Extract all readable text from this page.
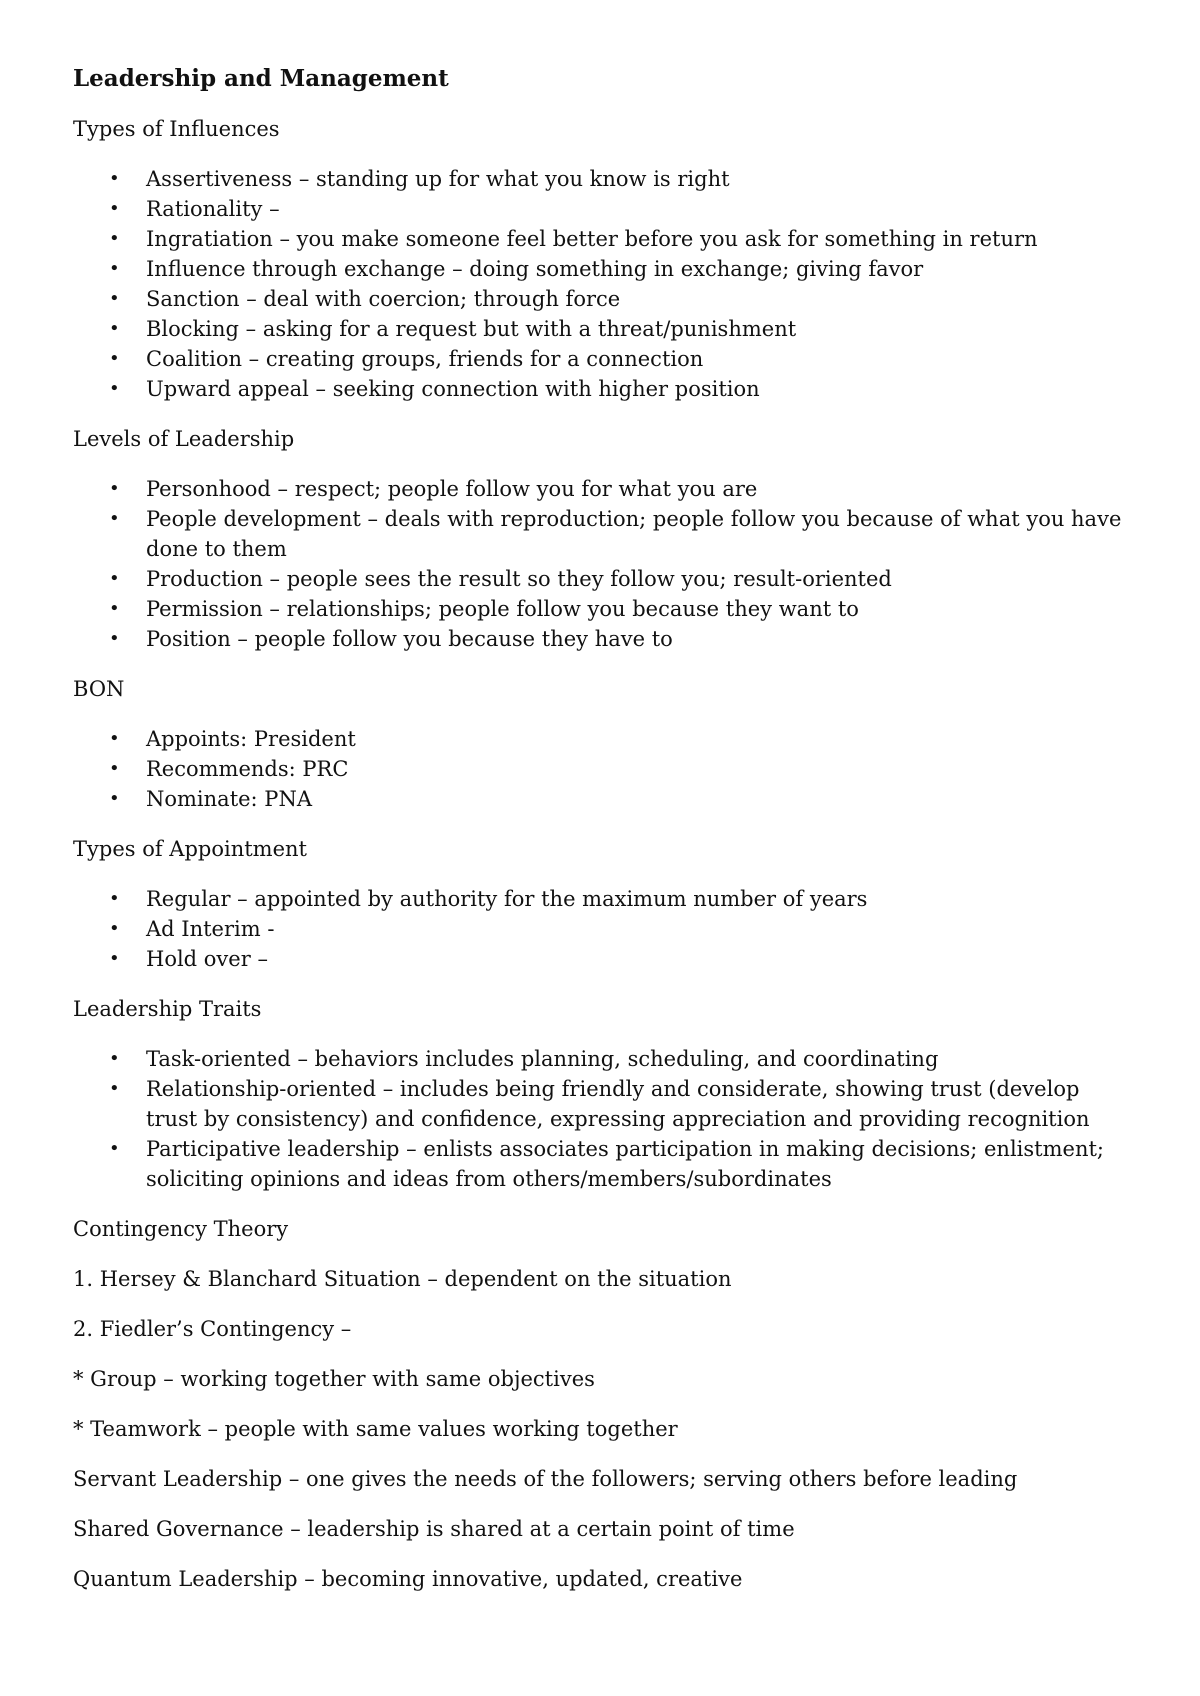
Leadership and Management
Types of Influences
• Assertiveness – standing up for what you know is right
• Rationality –
• Ingratiation – you make someone feel better before you ask for something in return
• Influence through exchange – doing something in exchange; giving favor
• Sanction – deal with coercion; through force
• Blocking – asking for a request but with a threat/punishment
• Coalition – creating groups, friends for a connection
• Upward appeal – seeking connection with higher position
Levels of Leadership
• Personhood – respect; people follow you for what you are
• People development – deals with reproduction; people follow you because of what you have done to them
• Production – people sees the result so they follow you; result-oriented
• Permission – relationships; people follow you because they want to
• Position – people follow you because they have to
BON
• Appoints: President
• Recommends: PRC
• Nominate: PNA
Types of Appointment
• Regular – appointed by authority for the maximum number of years
• Ad Interim -
• Hold over –
Leadership Traits
• Task-oriented – behaviors includes planning, scheduling, and coordinating
• Relationship-oriented – includes being friendly and considerate, showing trust (develop trust by consistency) and confidence, expressing appreciation and providing recognition
• Participative leadership – enlists associates participation in making decisions; enlistment; soliciting opinions and ideas from others/members/subordinates
Contingency Theory
1. Hersey & Blanchard Situation – dependent on the situation
2. Fiedler’s Contingency –
* Group – working together with same objectives
* Teamwork – people with same values working together
Servant Leadership – one gives the needs of the followers; serving others before leading
Shared Governance – leadership is shared at a certain point of time
Quantum Leadership – becoming innovative, updated, creative
